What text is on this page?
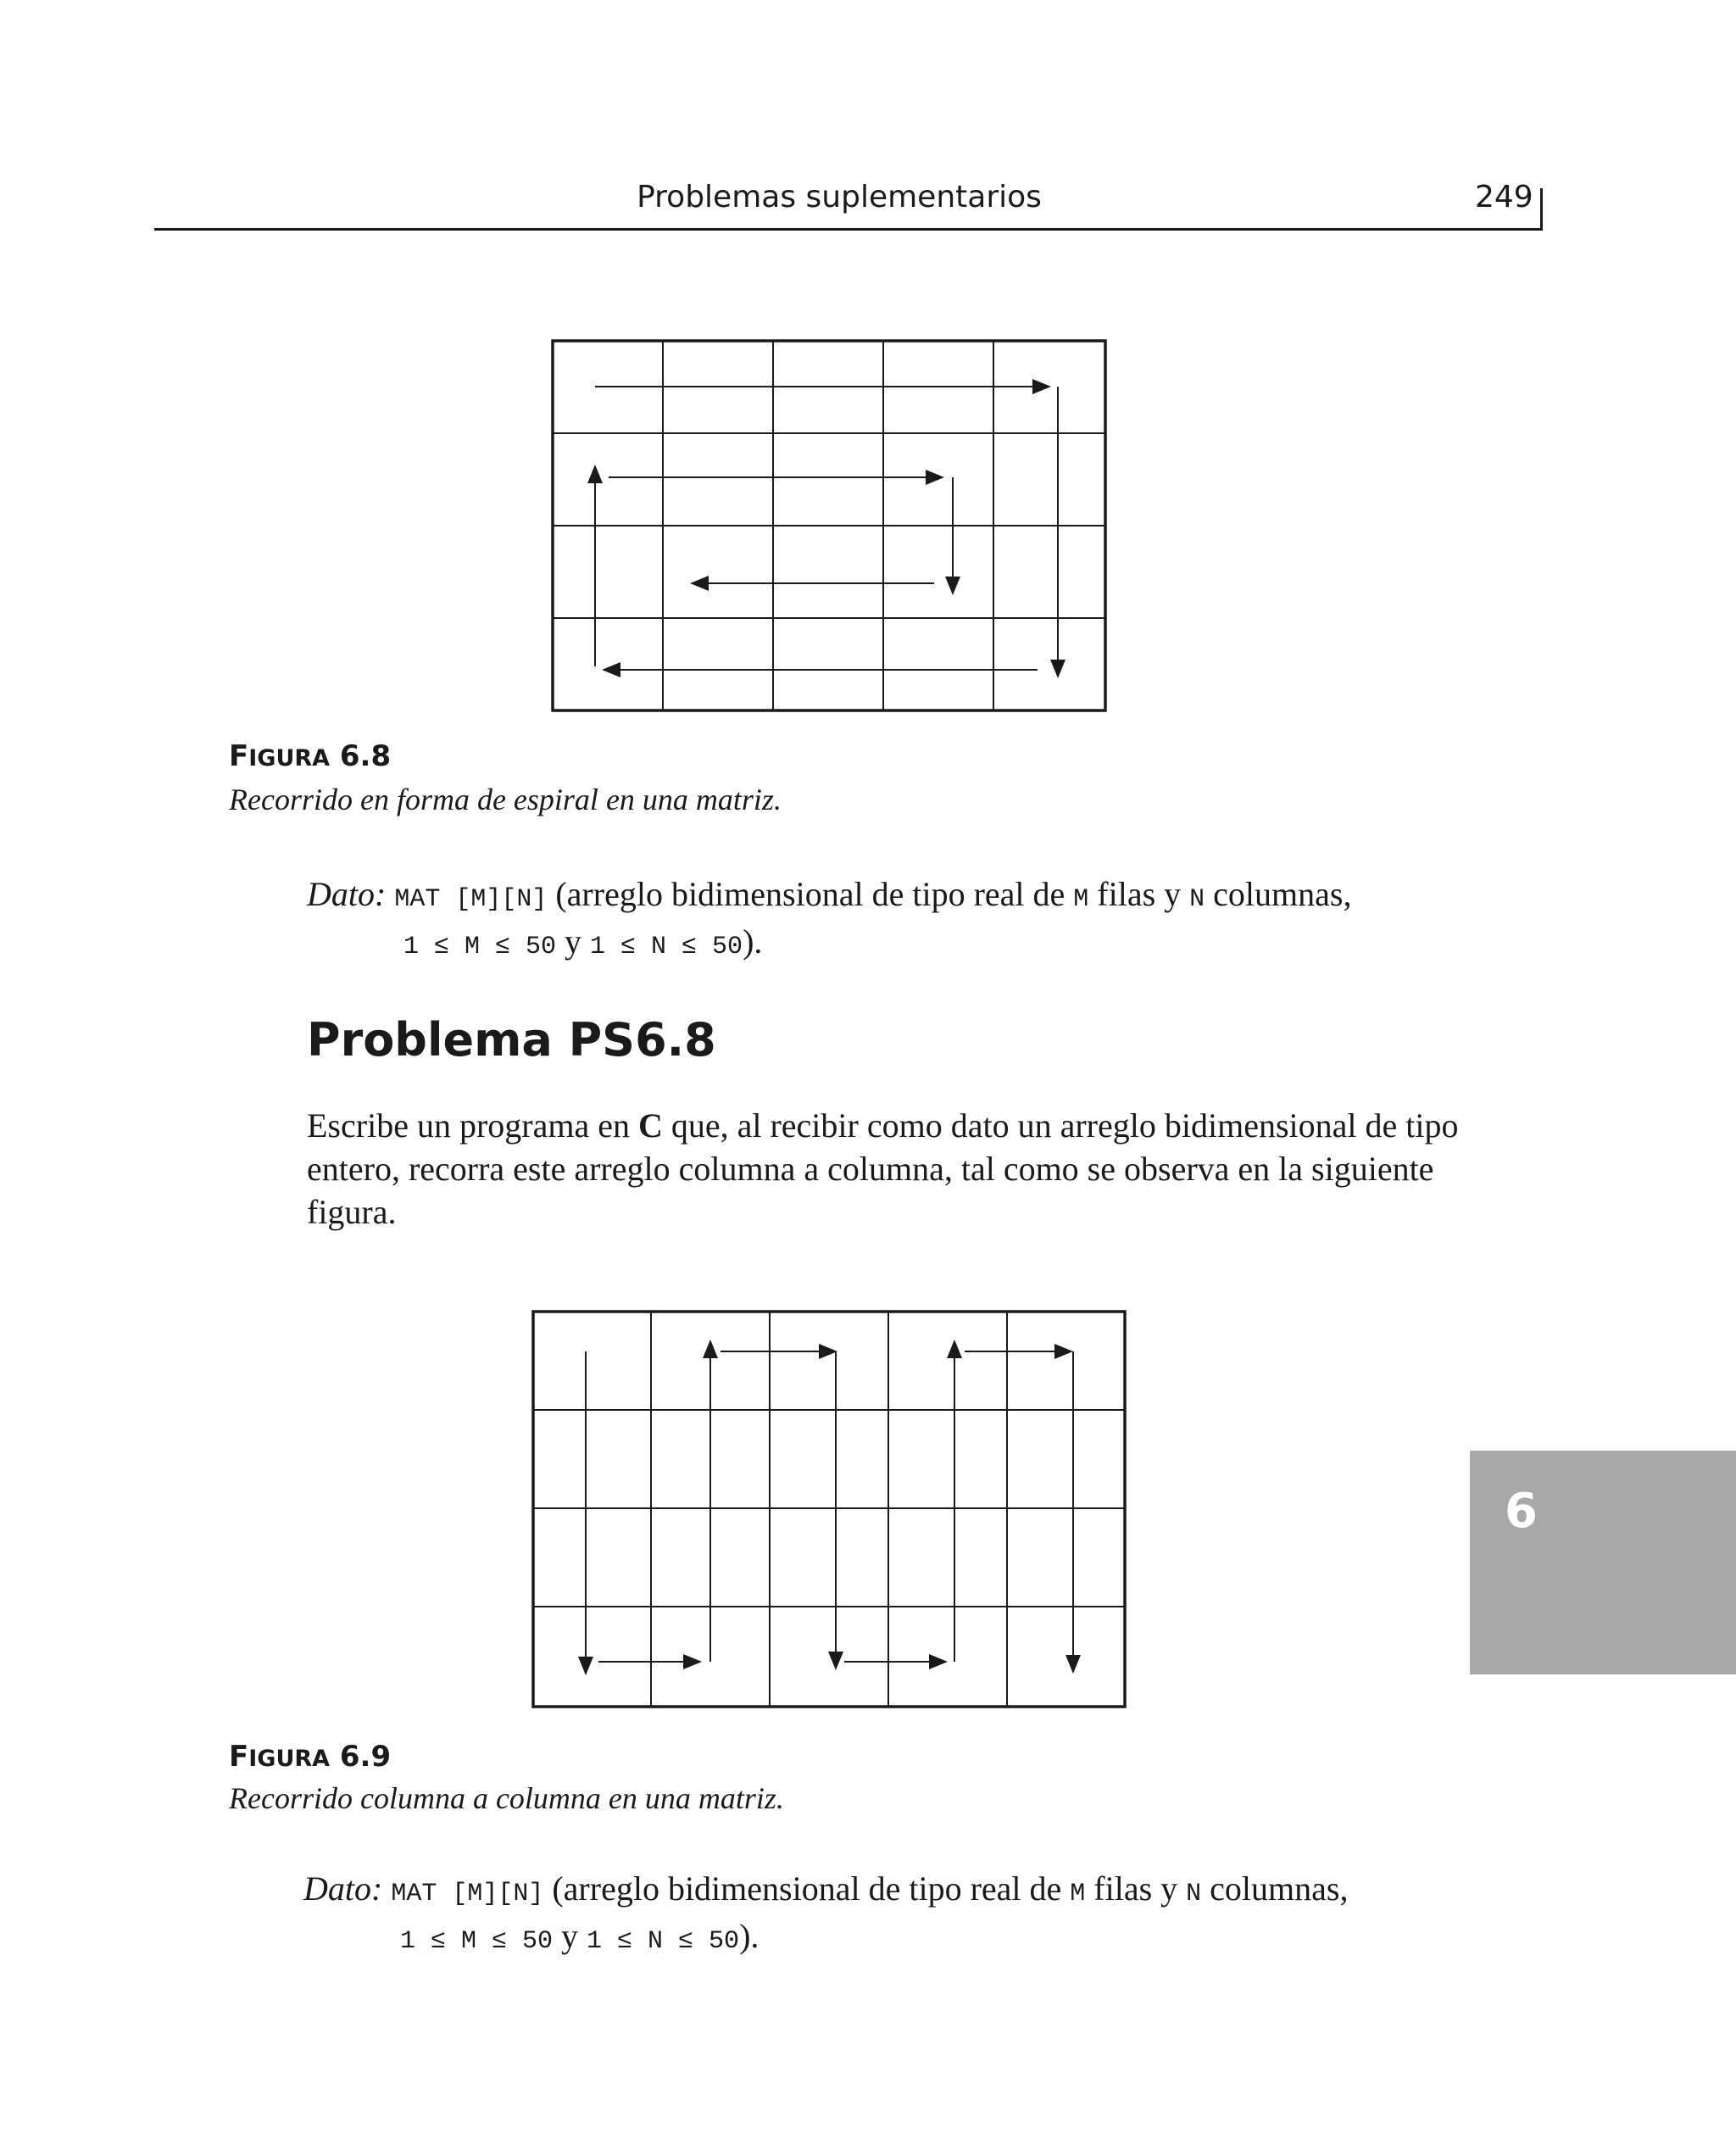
Problemas suplementarios	249
FIGURA 6.8
Recorrido en forma de espiral en una matriz.
Dato: MAT [M][N] (arreglo bidimensional de tipo real de M filas y N columnas,
1 ≤ M ≤ 50 y 1 ≤ N ≤ 50).
Problema PS6.8
Escribe un programa en C que, al recibir como dato un arreglo bidimensional de tipo entero, recorra este arreglo columna a columna, tal como se observa en la siguiente figura.
FIGURA 6.9
Recorrido columna a columna en una matriz.
Dato: MAT [M][N] (arreglo bidimensional de tipo real de M filas y N columnas,
1 ≤ M ≤ 50 y 1 ≤ N ≤ 50).
6
